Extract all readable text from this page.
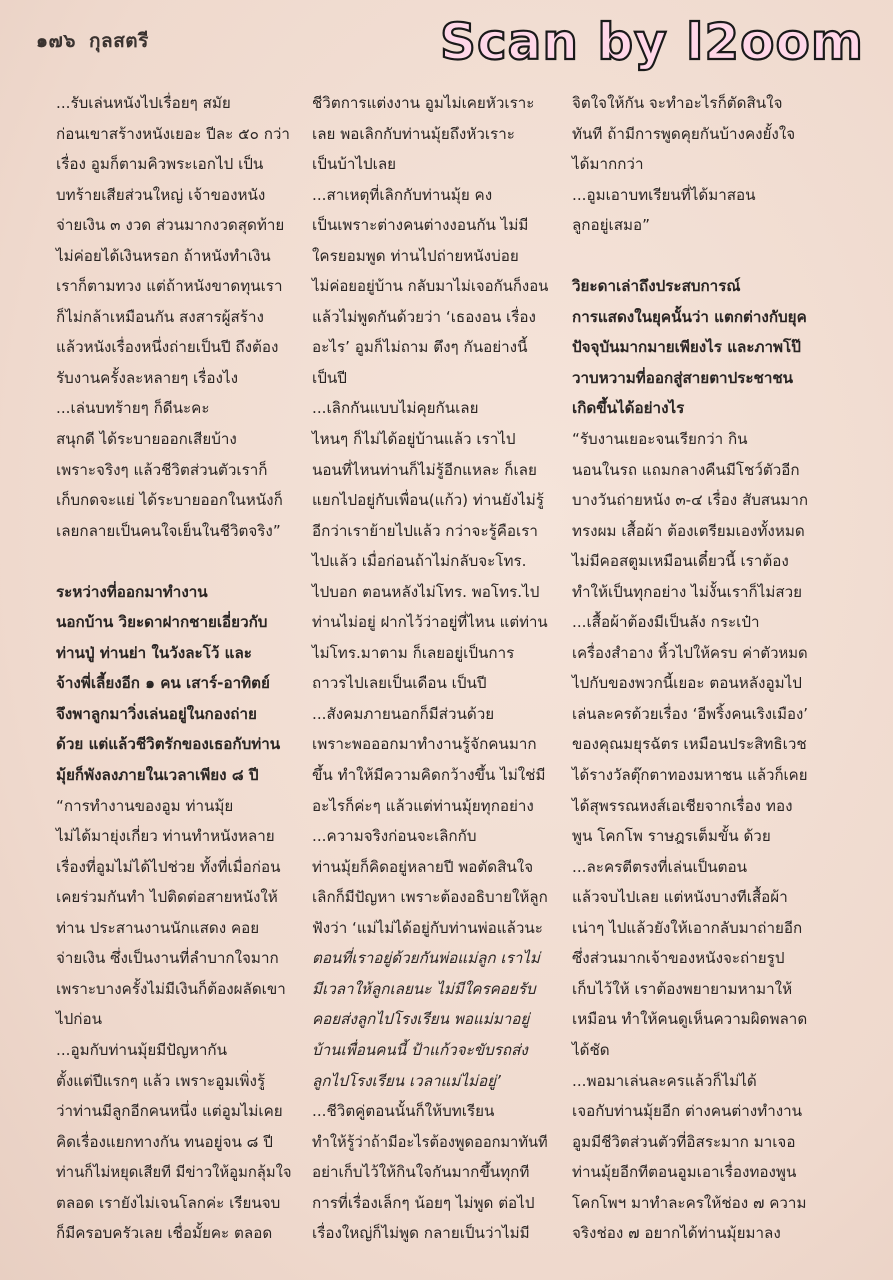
๑๗๖ กุลสตรี	Scan by l2oom

...รับเล่นหนังไปเรื่อยๆ สมัย

ก่อนเขาสร้างหนังเยอะ ปีละ ๕๐ กว่า

เรื่อง อูมก็ตามคิวพระเอกไป เป็น

บทร้ายเสียส่วนใหญ่ เจ้าของหนัง

จ่ายเงิน ๓ งวด ส่วนมากงวดสุดท้าย

ไม่ค่อยได้เงินหรอก ถ้าหนังทำเงิน

เราก็ตามทวง แต่ถ้าหนังขาดทุนเรา

ก็ไม่กล้าเหมือนกัน สงสารผู้สร้าง

แล้วหนังเรื่องหนึ่งถ่ายเป็นปี ถึงต้อง

รับงานครั้งละหลายๆ เรื่องไง

...เล่นบทร้ายๆ ก็ดีนะคะ

สนุกดี ได้ระบายออกเสียบ้าง

เพราะจริงๆ แล้วชีวิตส่วนตัวเราก็

เก็บกดจะแย่ ได้ระบายออกในหนังก็

เลยกลายเป็นคนใจเย็นในชีวิตจริง”

ระหว่างที่ออกมาทำงาน

นอกบ้าน วิยะดาฝากชายเอี่ยวกับ

ท่านปู่ ท่านย่า ในวังละโว้ และ

จ้างพี่เลี้ยงอีก ๑ คน เสาร์-อาทิตย์

จึงพาลูกมาวิ่งเล่นอยู่ในกองถ่าย

ด้วย แต่แล้วชีวิตรักของเธอกับท่าน

มุ้ยก็พังลงภายในเวลาเพียง ๘ ปี

“การทำงานของอูม ท่านมุ้ย

ไม่ได้มายุ่งเกี่ยว ท่านทำหนังหลาย

เรื่องที่อูมไม่ได้ไปช่วย ทั้งที่เมื่อก่อน

เคยร่วมกันทำ ไปติดต่อสายหนังให้

ท่าน ประสานงานนักแสดง คอย

จ่ายเงิน ซึ่งเป็นงานที่ลำบากใจมาก

เพราะบางครั้งไม่มีเงินก็ต้องผลัดเขา

ไปก่อน

...อูมกับท่านมุ้ยมีปัญหากัน

ตั้งแต่ปีแรกๆ แล้ว เพราะอูมเพิ่งรู้

ว่าท่านมีลูกอีกคนหนึ่ง แต่อูมไม่เคย

คิดเรื่องแยกทางกัน ทนอยู่จน ๘ ปี

ท่านก็ไม่หยุดเสียที มีข่าวให้อูมกลุ้มใจ

ตลอด เรายังไม่เจนโลกค่ะ เรียนจบ

ก็มีครอบครัวเลย เชื่อมั้ยคะ ตลอด

ชีวิตการแต่งงาน อูมไม่เคยหัวเราะ

เลย พอเลิกกับท่านมุ้ยถึงหัวเราะ

เป็นบ้าไปเลย

...สาเหตุที่เลิกกับท่านมุ้ย คง

เป็นเพราะต่างคนต่างงอนกัน ไม่มี

ใครยอมพูด ท่านไปถ่ายหนังบ่อย

ไม่ค่อยอยู่บ้าน กลับมาไม่เจอกันก็งอน

แล้วไม่พูดกันด้วยว่า ‘เธองอน เรื่อง

อะไร’ อูมก็ไม่ถาม ตึงๆ กันอย่างนี้

เป็นปี

...เลิกกันแบบไม่คุยกันเลย

ไหนๆ ก็ไม่ได้อยู่บ้านแล้ว เราไป

นอนที่ไหนท่านก็ไม่รู้อีกแหละ ก็เลย

แยกไปอยู่กับเพื่อน(แก้ว) ท่านยังไม่รู้

อีกว่าเราย้ายไปแล้ว กว่าจะรู้คือเรา

ไปแล้ว เมื่อก่อนถ้าไม่กลับจะโทร.

ไปบอก ตอนหลังไม่โทร. พอโทร.ไป

ท่านไม่อยู่ ฝากไว้ว่าอยู่ที่ไหน แต่ท่าน

ไม่โทร.มาตาม ก็เลยอยู่เป็นการ

ถาวรไปเลยเป็นเดือน เป็นปี

...สังคมภายนอกก็มีส่วนด้วย

เพราะพอออกมาทำงานรู้จักคนมาก

ขึ้น ทำให้มีความคิดกว้างขึ้น ไม่ใช่มี

อะไรก็ค่ะๆ แล้วแต่ท่านมุ้ยทุกอย่าง

...ความจริงก่อนจะเลิกกับ

ท่านมุ้ยก็คิดอยู่หลายปี พอตัดสินใจ

เลิกก็มีปัญหา เพราะต้องอธิบายให้ลูก

ฟังว่า ‘แม่ไม่ได้อยู่กับท่านพ่อแล้วนะ

ตอนที่เราอยู่ด้วยกันพ่อแม่ลูก เราไม่

มีเวลาให้ลูกเลยนะ ไม่มีใครคอยรับ

คอยส่งลูกไปโรงเรียน พอแม่มาอยู่

บ้านเพื่อนคนนี้ ป้าแก้วจะขับรถส่ง

ลูกไปโรงเรียน เวลาแม่ไม่อยู่’

...ชีวิตคู่ตอนนั้นก็ให้บทเรียน

ทำให้รู้ว่าถ้ามีอะไรต้องพูดออกมาทันที

อย่าเก็บไว้ให้กินใจกันมากขึ้นทุกที

การที่เรื่องเล็กๆ น้อยๆ ไม่พูด ต่อไป

เรื่องใหญ่ก็ไม่พูด กลายเป็นว่าไม่มี

จิตใจให้กัน จะทำอะไรก็ตัดสินใจ

ทันที ถ้ามีการพูดคุยกันบ้างคงยั้งใจ

ได้มากกว่า

...อูมเอาบทเรียนที่ได้มาสอน

ลูกอยู่เสมอ”

วิยะดาเล่าถึงประสบการณ์

การแสดงในยุคนั้นว่า แตกต่างกับยุค

ปัจจุบันมากมายเพียงไร และภาพโป๊

วาบหวามที่ออกสู่สายตาประชาชน

เกิดขึ้นได้อย่างไร

“รับงานเยอะจนเรียกว่า กิน

นอนในรถ แถมกลางคืนมีโชว์ตัวอีก

บางวันถ่ายหนัง ๓-๔ เรื่อง สับสนมาก

ทรงผม เสื้อผ้า ต้องเตรียมเองทั้งหมด

ไม่มีคอสตูมเหมือนเดี๋ยวนี้ เราต้อง

ทำให้เป็นทุกอย่าง ไม่งั้นเราก็ไม่สวย

...เสื้อผ้าต้องมีเป็นลัง กระเป๋า

เครื่องสำอาง หิ้วไปให้ครบ ค่าตัวหมด

ไปกับของพวกนี้เยอะ ตอนหลังอูมไป

เล่นละครด้วยเรื่อง ‘อีพริ้งคนเริงเมือง’

ของคุณมยุรฉัตร เหมือนประสิทธิเวช

ได้รางวัลตุ๊กตาทองมหาชน แล้วก็เคย

ได้สุพรรณหงส์เอเชียจากเรื่อง ทอง

พูน โคกโพ ราษฎรเต็มขั้น ด้วย

...ละครตีตรงที่เล่นเป็นตอน

แล้วจบไปเลย แต่หนังบางทีเสื้อผ้า

เน่าๆ ไปแล้วยังให้เอากลับมาถ่ายอีก

ซึ่งส่วนมากเจ้าของหนังจะถ่ายรูป

เก็บไว้ให้ เราต้องพยายามหามาให้

เหมือน ทำให้คนดูเห็นความผิดพลาด

ได้ชัด

...พอมาเล่นละครแล้วก็ไม่ได้

เจอกับท่านมุ้ยอีก ต่างคนต่างทำงาน

อูมมีชีวิตส่วนตัวที่อิสระมาก มาเจอ

ท่านมุ้ยอีกทีตอนอูมเอาเรื่องทองพูน

โคกโพฯ มาทำละครให้ช่อง ๗ ความ

จริงช่อง ๗ อยากได้ท่านมุ้ยมาลง
